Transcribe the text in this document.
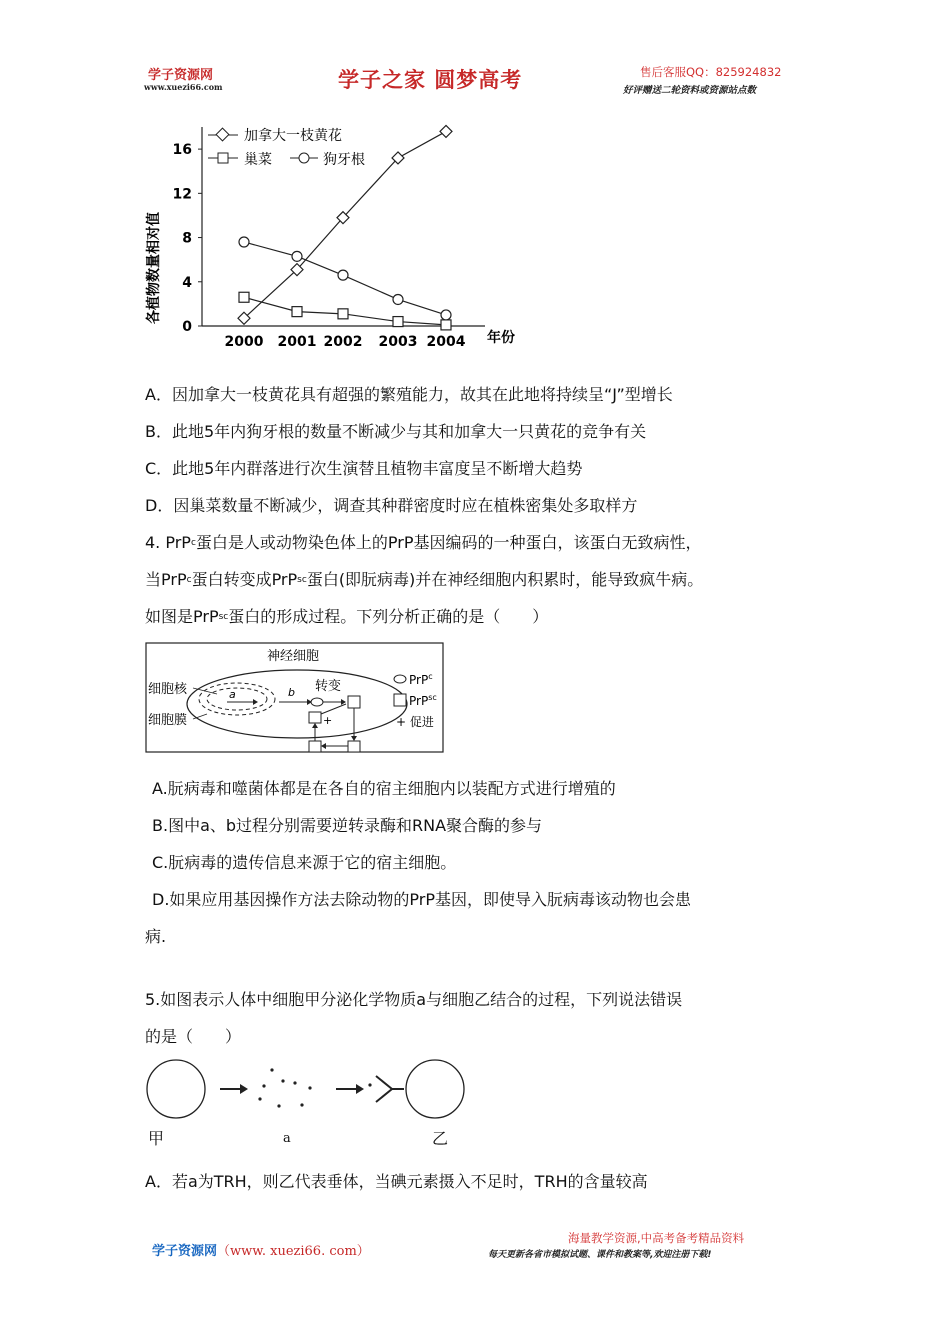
学子资源网
www.xuezi66.com	学子之家 圆梦高考	售后客服QQ：825924832
好评赠送二轮资料或资源站点数
各植物数量相对值
0
4
8
12
16
2000 2001 2002 2003 2004 年份
加拿大一枝黄花
巢菜	狗牙根
A．因加拿大一枝黄花具有超强的繁殖能力，故其在此地将持续呈“J”型增长
B．此地5年内狗牙根的数量不断减少与其和加拿大一只黄花的竞争有关
C．此地5年内群落进行次生演替且植物丰富度呈不断增大趋势
D．因巢菜数量不断减少，调查其种群密度时应在植株密集处多取样方
4. PrP$^c$蛋白是人或动物染色体上的PrP基因编码的一种蛋白，该蛋白无致病性，
当PrP$^c$蛋白转变成PrP$^{sc}$蛋白(即朊病毒)并在神经细胞内积累时，能导致疯牛病。
如图是PrP$^{sc}$蛋白的形成过程。下列分析正确的是（　　）
神经细胞
细胞核
细胞膜
a	b 转变
+
PrP$^c$
PrP$^{sc}$
+ 促进
A.朊病毒和噬菌体都是在各自的宿主细胞内以装配方式进行增殖的
B.图中a、b过程分别需要逆转录酶和RNA聚合酶的参与
C.朊病毒的遗传信息来源于它的宿主细胞。
D.如果应用基因操作方法去除动物的PrP基因，即使导入朊病毒该动物也会患
病.
5.如图表示人体中细胞甲分泌化学物质a与细胞乙结合的过程，下列说法错误
的是（　　）
甲	a	乙
A．若a为TRH，则乙代表垂体，当碘元素摄入不足时，TRH的含量较高
学子资源网（www. xuezi66. com）
海量教学资源,中高考备考精品资料
每天更新各省市模拟试题、课件和教案等,欢迎注册下载!
